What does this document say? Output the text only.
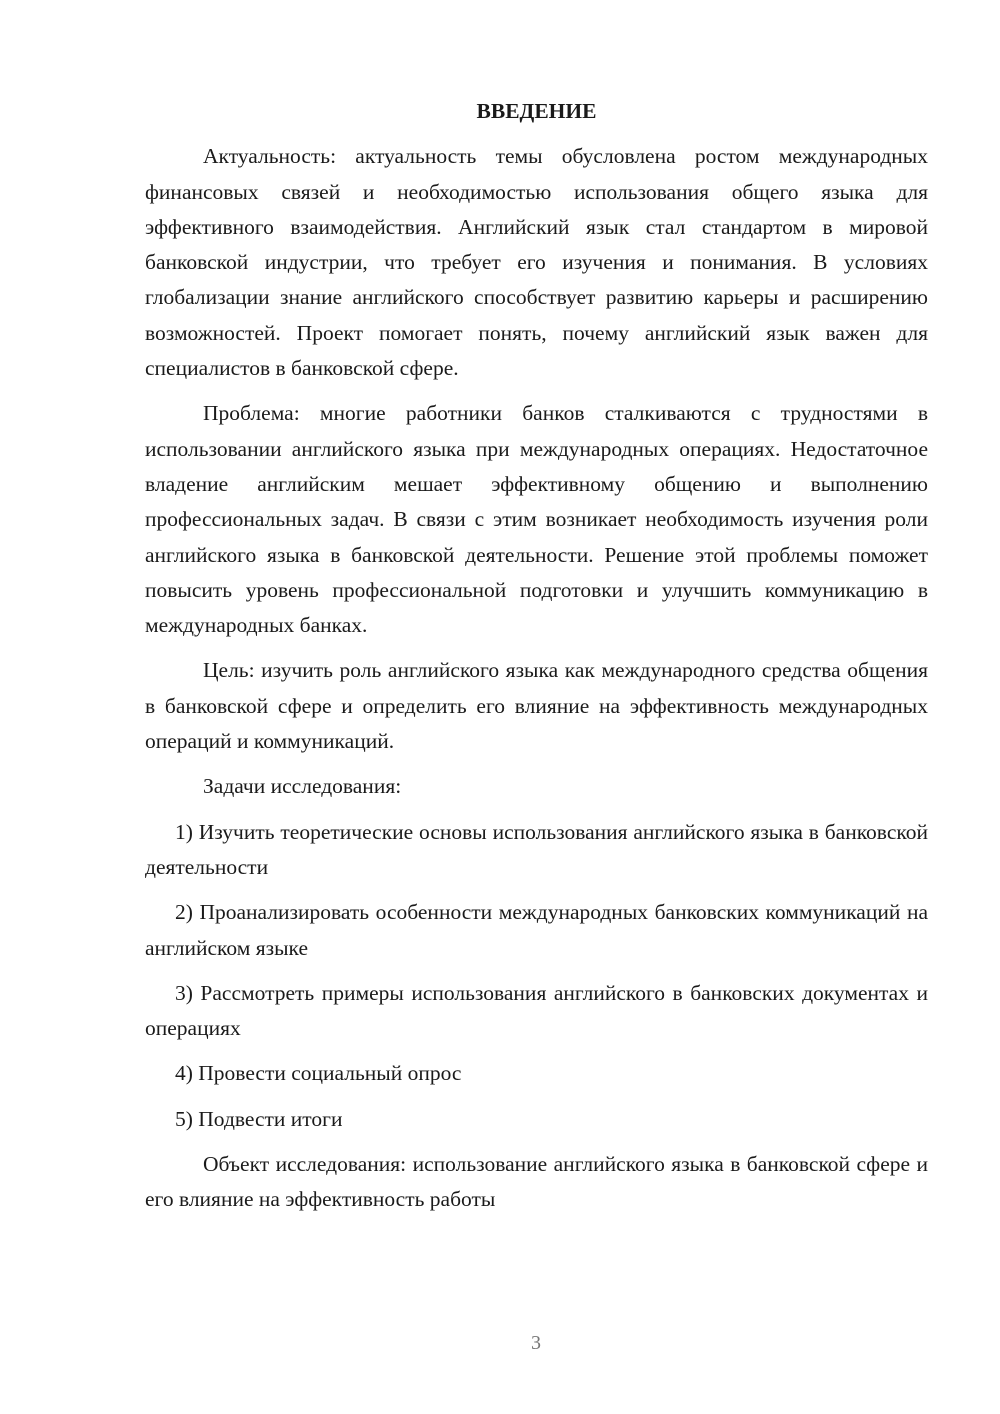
ВВЕДЕНИЕ

Актуальность: актуальность темы обусловлена ростом международных финансовых связей и необходимостью использования общего языка для эффективного взаимодействия. Английский язык стал стандартом в мировой банковской индустрии, что требует его изучения и понимания. В условиях глобализации знание английского способствует развитию карьеры и расширению возможностей. Проект помогает понять, почему английский язык важен для специалистов в банковской сфере.

Проблема: многие работники банков сталкиваются с трудностями в использовании английского языка при международных операциях. Недостаточное владение английским мешает эффективному общению и выполнению профессиональных задач. В связи с этим возникает необходимость изучения роли английского языка в банковской деятельности. Решение этой проблемы поможет повысить уровень профессиональной подготовки и улучшить коммуникацию в международных банках.

Цель: изучить роль английского языка как международного средства общения в банковской сфере и определить его влияние на эффективность международных операций и коммуникаций.

Задачи исследования:

1) Изучить теоретические основы использования английского языка в банковской деятельности

2) Проанализировать особенности международных банковских коммуникаций на английском языке

3) Рассмотреть примеры использования английского в банковских документах и операциях

4) Провести социальный опрос

5) Подвести итоги

Объект исследования: использование английского языка в банковской сфере и его влияние на эффективность работы

3
